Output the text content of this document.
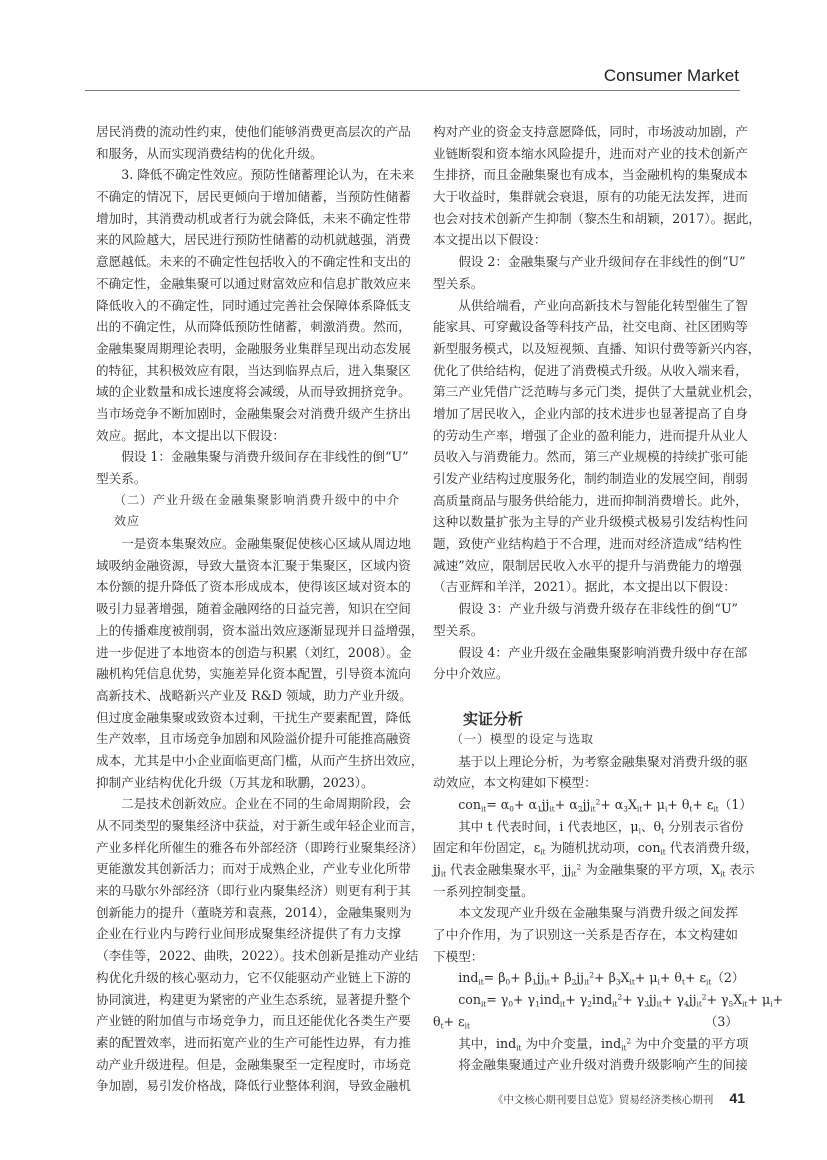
Consumer Market
居民消费的流动性约束，使他们能够消费更高层次的产品
和服务，从而实现消费结构的优化升级。
3. 降低不确定性效应。预防性储蓄理论认为，在未来
不确定的情况下，居民更倾向于增加储蓄，当预防性储蓄
增加时，其消费动机或者行为就会降低，未来不确定性带
来的风险越大，居民进行预防性储蓄的动机就越强，消费
意愿越低。未来的不确定性包括收入的不确定性和支出的
不确定性，金融集聚可以通过财富效应和信息扩散效应来
降低收入的不确定性，同时通过完善社会保障体系降低支
出的不确定性，从而降低预防性储蓄，刺激消费。然而，
金融集聚周期理论表明，金融服务业集群呈现出动态发展
的特征，其积极效应有限，当达到临界点后，进入集聚区
域的企业数量和成长速度将会减缓，从而导致拥挤竞争。
当市场竞争不断加剧时，金融集聚会对消费升级产生挤出
效应。据此，本文提出以下假设：
假设 1：金融集聚与消费升级间存在非线性的倒“U”
型关系。
（二）产业升级在金融集聚影响消费升级中的中介效应
一是资本集聚效应。金融集聚促使核心区域从周边地
域吸纳金融资源，导致大量资本汇聚于集聚区，区域内资
本份额的提升降低了资本形成成本，使得该区域对资本的
吸引力显著增强，随着金融网络的日益完善，知识在空间
上的传播难度被削弱，资本溢出效应逐渐显现并日益增强，
进一步促进了本地资本的创造与积累（刘红，2008）。金
融机构凭信息优势，实施差异化资本配置，引导资本流向
高新技术、战略新兴产业及 R&D 领域，助力产业升级。
但过度金融集聚或致资本过剩，干扰生产要素配置，降低
生产效率，且市场竞争加剧和风险溢价提升可能推高融资
成本，尤其是中小企业面临更高门槛，从而产生挤出效应，
抑制产业结构优化升级（万其龙和耿鹏，2023）。
二是技术创新效应。企业在不同的生命周期阶段，会
从不同类型的聚集经济中获益，对于新生或年轻企业而言，
产业多样化所催生的雅各布外部经济（即跨行业聚集经济）
更能激发其创新活力；而对于成熟企业，产业专业化所带
来的马歇尔外部经济（即行业内聚集经济）则更有利于其
创新能力的提升（董晓芳和袁燕，2014），金融集聚则为
企业在行业内与跨行业间形成聚集经济提供了有力支撑
（李佳等，2022、曲昳，2022）。技术创新是推动产业结
构优化升级的核心驱动力，它不仅能驱动产业链上下游的
协同演进，构建更为紧密的产业生态系统，显著提升整个
产业链的附加值与市场竞争力，而且还能优化各类生产要
素的配置效率，进而拓宽产业的生产可能性边界，有力推
动产业升级进程。但是，金融集聚至一定程度时，市场竞
争加剧，易引发价格战，降低行业整体利润，导致金融机
构对产业的资金支持意愿降低，同时，市场波动加剧，产
业链断裂和资本缩水风险提升，进而对产业的技术创新产
生排挤，而且金融集聚也有成本，当金融机构的集聚成本
大于收益时，集群就会衰退，原有的功能无法发挥，进而
也会对技术创新产生抑制（黎杰生和胡颖，2017）。据此，
本文提出以下假设：
假设 2：金融集聚与产业升级间存在非线性的倒“U”
型关系。
从供给端看，产业向高新技术与智能化转型催生了智
能家具、可穿戴设备等科技产品，社交电商、社区团购等
新型服务模式，以及短视频、直播、知识付费等新兴内容，
优化了供给结构，促进了消费模式升级。从收入端来看，
第三产业凭借广泛范畴与多元门类，提供了大量就业机会，
增加了居民收入，企业内部的技术进步也显著提高了自身
的劳动生产率，增强了企业的盈利能力，进而提升从业人
员收入与消费能力。然而，第三产业规模的持续扩张可能
引发产业结构过度服务化，制约制造业的发展空间，削弱
高质量商品与服务供给能力，进而抑制消费增长。此外，
这种以数量扩张为主导的产业升级模式极易引发结构性问
题，致使产业结构趋于不合理，进而对经济造成“结构性
减速”效应，限制居民收入水平的提升与消费能力的增强
（吉亚辉和羊洋，2021）。据此，本文提出以下假设：
假设 3：产业升级与消费升级存在非线性的倒“U”
型关系。
假设 4：产业升级在金融集聚影响消费升级中存在部
分中介效应。
实证分析
（一）模型的设定与选取
基于以上理论分析，为考察金融集聚对消费升级的驱
动效应，本文构建如下模型：
$con_{it}= \alpha_0+ \alpha_1jj_{it}+ \alpha_2jj_{it}^2+ \alpha_3X_{it}+ \mu_i+ \theta_t+ \varepsilon_{it}$ （1）
其中 t 代表时间，i 代表地区，$\mu_i$、$\theta_t$ 分别表示省份
固定和年份固定，$\varepsilon_{it}$ 为随机扰动项，con$_{it}$ 代表消费升级，
$jj_{it}$ 代表金融集聚水平，$jj_{it}^2$ 为金融集聚的平方项，$X_{it}$ 表示
一系列控制变量。
本文发现产业升级在金融集聚与消费升级之间发挥
了中介作用，为了识别这一关系是否存在，本文构建如
下模型：
$ind_{it}= \beta_0+ \beta_1jj_{it}+ \beta_2jj_{it}^2+ \beta_3X_{it}+ \mu_i+ \theta_t+ \varepsilon_{it}$ （2）
$con_{it}= \gamma_0+ \gamma_1ind_{it}+ \gamma_2ind_{it}^2+ \gamma_3jj_{it}+ \gamma_4jj_{it}^2+ \gamma_5X_{it}+ \mu_i+$
$\theta_t+ \varepsilon_{it}$	（3）
其中，ind$_{it}$ 为中介变量，ind$_{it}^2$ 为中介变量的平方项
将金融集聚通过产业升级对消费升级影响产生的间接
《中文核心期刊要目总览》贸易经济类核心期刊 41
